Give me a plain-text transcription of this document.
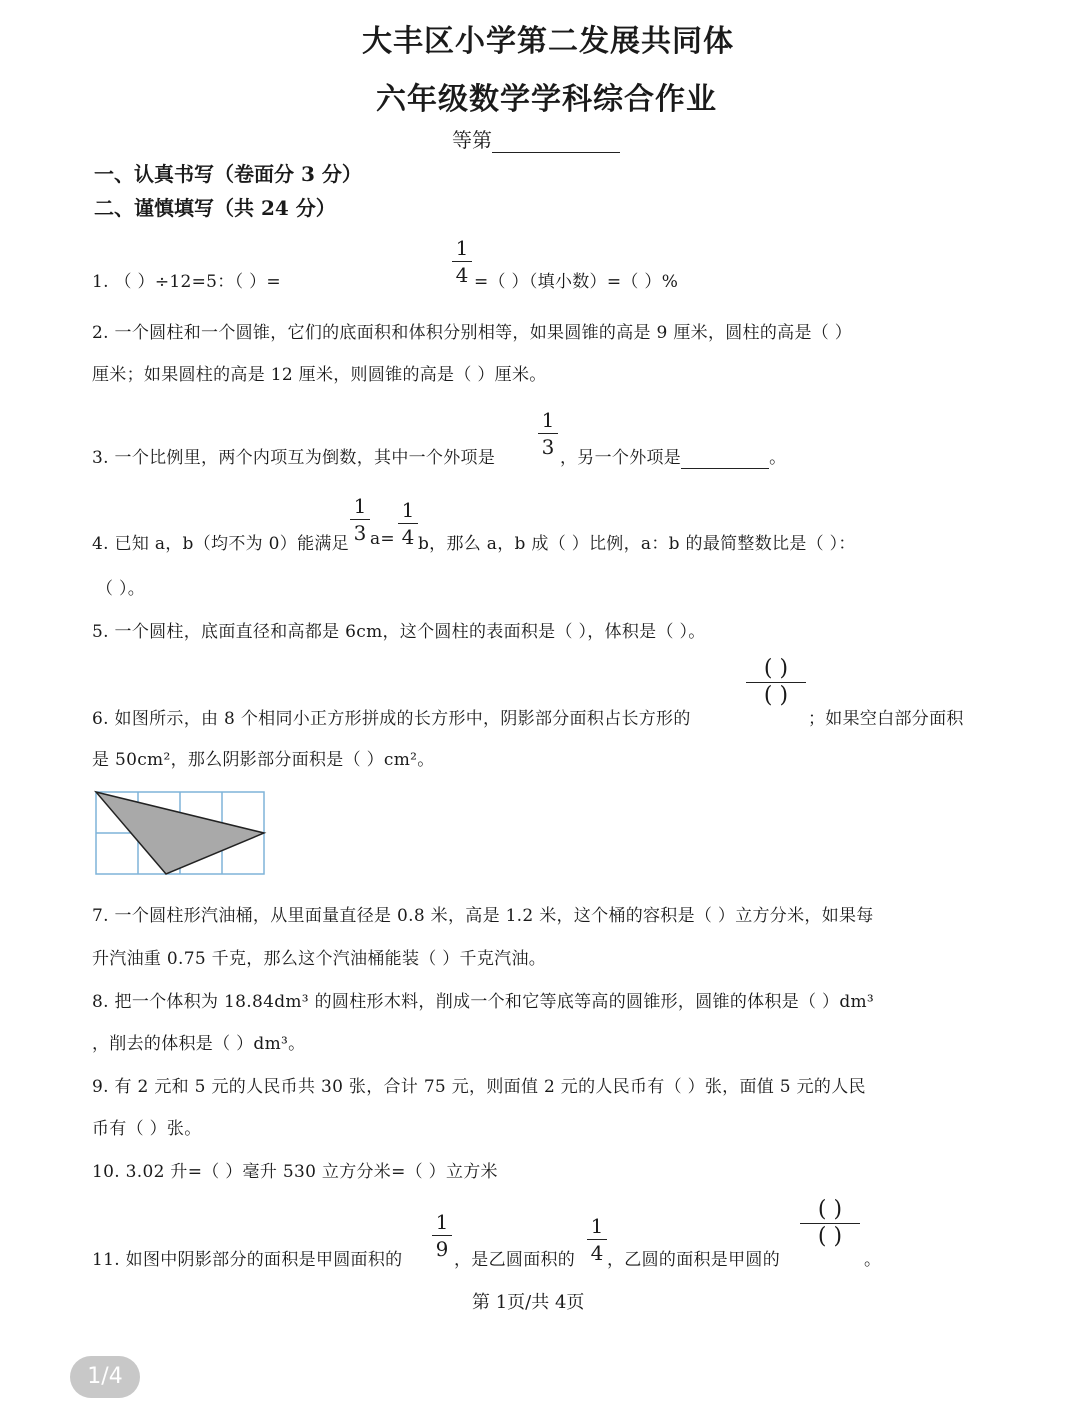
大丰区小学第二发展共同体
六年级数学学科综合作业
等第
一、认真书写（卷面分 3 分）
二、谨慎填写（共 24 分）
1. （ ）÷12=5：（ ）=
1
4 =（ ）（填小数）=（ ）%
2. 一个圆柱和一个圆锥，它们的底面积和体积分别相等，如果圆锥的高是 9 厘米，圆柱的高是（ ）
厘米；如果圆柱的高是 12 厘米，则圆锥的高是（ ）厘米。
3. 一个比例里，两个内项互为倒数，其中一个外项是
1
3 ，另一个外项是	。
4. 已知 a，b（均不为 0）能满足
1
3 a=
1
4 b，那么 a，b 成（ ）比例，a：b 的最简整数比是（ ）：
（ ）。
5. 一个圆柱，底面直径和高都是 6cm，这个圆柱的表面积是（ ），体积是（ ）。
6. 如图所示，由 8 个相同小正方形拼成的长方形中，阴影部分面积占长方形的
( )
( )
；如果空白部分面积
是 50cm²，那么阴影部分面积是（ ）cm²。
7. 一个圆柱形汽油桶，从里面量直径是 0.8 米，高是 1.2 米，这个桶的容积是（ ）立方分米，如果每
升汽油重 0.75 千克，那么这个汽油桶能装（ ）千克汽油。
8. 把一个体积为 18.84dm³ 的圆柱形木料，削成一个和它等底等高的圆锥形，圆锥的体积是（ ）dm³
，削去的体积是（ ）dm³。
9. 有 2 元和 5 元的人民币共 30 张，合计 75 元，则面值 2 元的人民币有（ ）张，面值 5 元的人民
币有（ ）张。
10. 3.02 升=（ ）毫升 530 立方分米=（ ）立方米
11. 如图中阴影部分的面积是甲圆面积的
1
9 ，是乙圆面积的
1
4 ，乙圆的面积是甲圆的
( )
( )
。
第 1页/共 4页
1/4
